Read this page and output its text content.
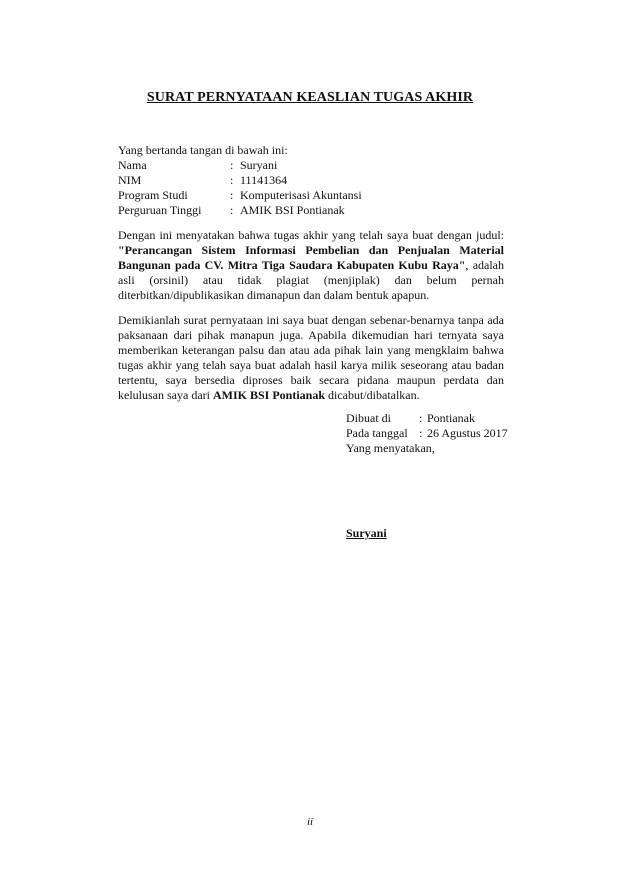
SURAT PERNYATAAN KEASLIAN TUGAS AKHIR
Yang bertanda tangan di bawah ini:
Nama	: Suryani
NIM	: 11141364
Program Studi	: Komputerisasi Akuntansi
Perguruan Tinggi	: AMIK BSI Pontianak
Dengan ini menyatakan bahwa tugas akhir yang telah saya buat dengan judul: "Perancangan Sistem Informasi Pembelian dan Penjualan Material Bangunan pada CV. Mitra Tiga Saudara Kabupaten Kubu Raya", adalah asli (orsinil) atau tidak plagiat (menjiplak) dan belum pernah diterbitkan/dipublikasikan dimanapun dan dalam bentuk apapun.
Demikianlah surat pernyataan ini saya buat dengan sebenar-benarnya tanpa ada paksanaan dari pihak manapun juga. Apabila dikemudian hari ternyata saya memberikan keterangan palsu dan atau ada pihak lain yang mengklaim bahwa tugas akhir yang telah saya buat adalah hasil karya milik seseorang atau badan tertentu, saya bersedia diproses baik secara pidana maupun perdata dan kelulusan saya dari AMIK BSI Pontianak dicabut/dibatalkan.
Dibuat di	: Pontianak
Pada tanggal : 26 Agustus 2017
Yang menyatakan,
Suryani
ii
